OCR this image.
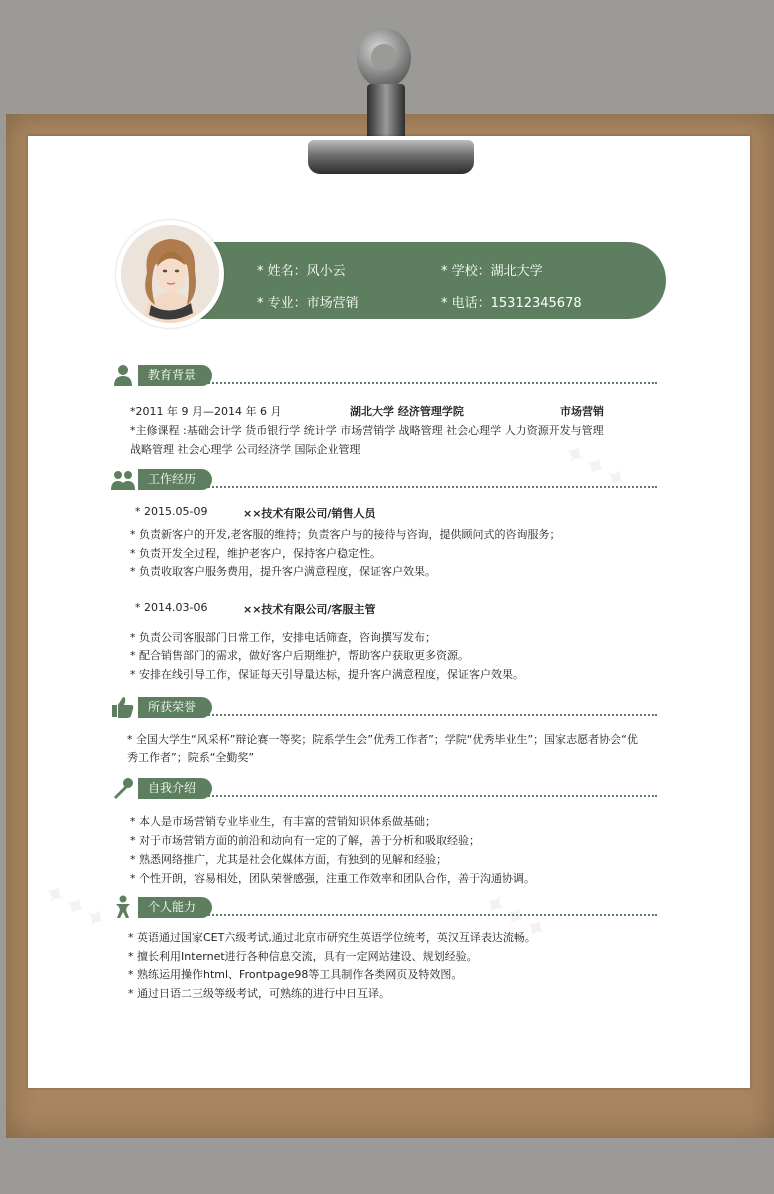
✦✦✦
✦✦✦	✦✦✦
* 姓名：风小云	* 学校：湖北大学
* 专业：市场营销	* 电话：15312345678
教育背景
*2011 年 9 月—2014 年 6 月	湖北大学 经济管理学院	市场营销
*主修课程 :基础会计学 货币银行学 统计学 市场营销学 战略管理 社会心理学 人力资源开发与管理
战略管理 社会心理学 公司经济学 国际企业管理
工作经历
* 2015.05-09	××技术有限公司/销售人员
* 负责新客户的开发,老客服的维持；负责客户与的接待与咨询，提供顾问式的咨询服务；
* 负责开发全过程，维护老客户，保持客户稳定性。
* 负责收取客户服务费用，提升客户满意程度，保证客户效果。
* 2014.03-06	××技术有限公司/客服主管
* 负责公司客服部门日常工作，安排电话筛查，咨询撰写发布；
* 配合销售部门的需求，做好客户后期维护，帮助客户获取更多资源。
* 安排在线引导工作，保证每天引导量达标，提升客户满意程度，保证客户效果。
所获荣誉
* 全国大学生“风采杯”辩论赛一等奖；院系学生会”优秀工作者”；学院“优秀毕业生”；国家志愿者协会“优
秀工作者”；院系“全勤奖”
自我介绍
* 本人是市场营销专业毕业生，有丰富的营销知识体系做基础；
* 对于市场营销方面的前沿和动向有一定的了解，善于分析和吸取经验；
* 熟悉网络推广，尤其是社会化媒体方面，有独到的见解和经验；
* 个性开朗，容易相处，团队荣誉感强，注重工作效率和团队合作，善于沟通协调。
个人能力
* 英语通过国家CET六级考试,通过北京市研究生英语学位统考，英汉互译表达流畅。
* 擅长利用Internet进行各种信息交流，具有一定网站建设、规划经验。
* 熟练运用操作html、Frontpage98等工具制作各类网页及特效图。
* 通过日语二三级等级考试，可熟练的进行中日互译。
